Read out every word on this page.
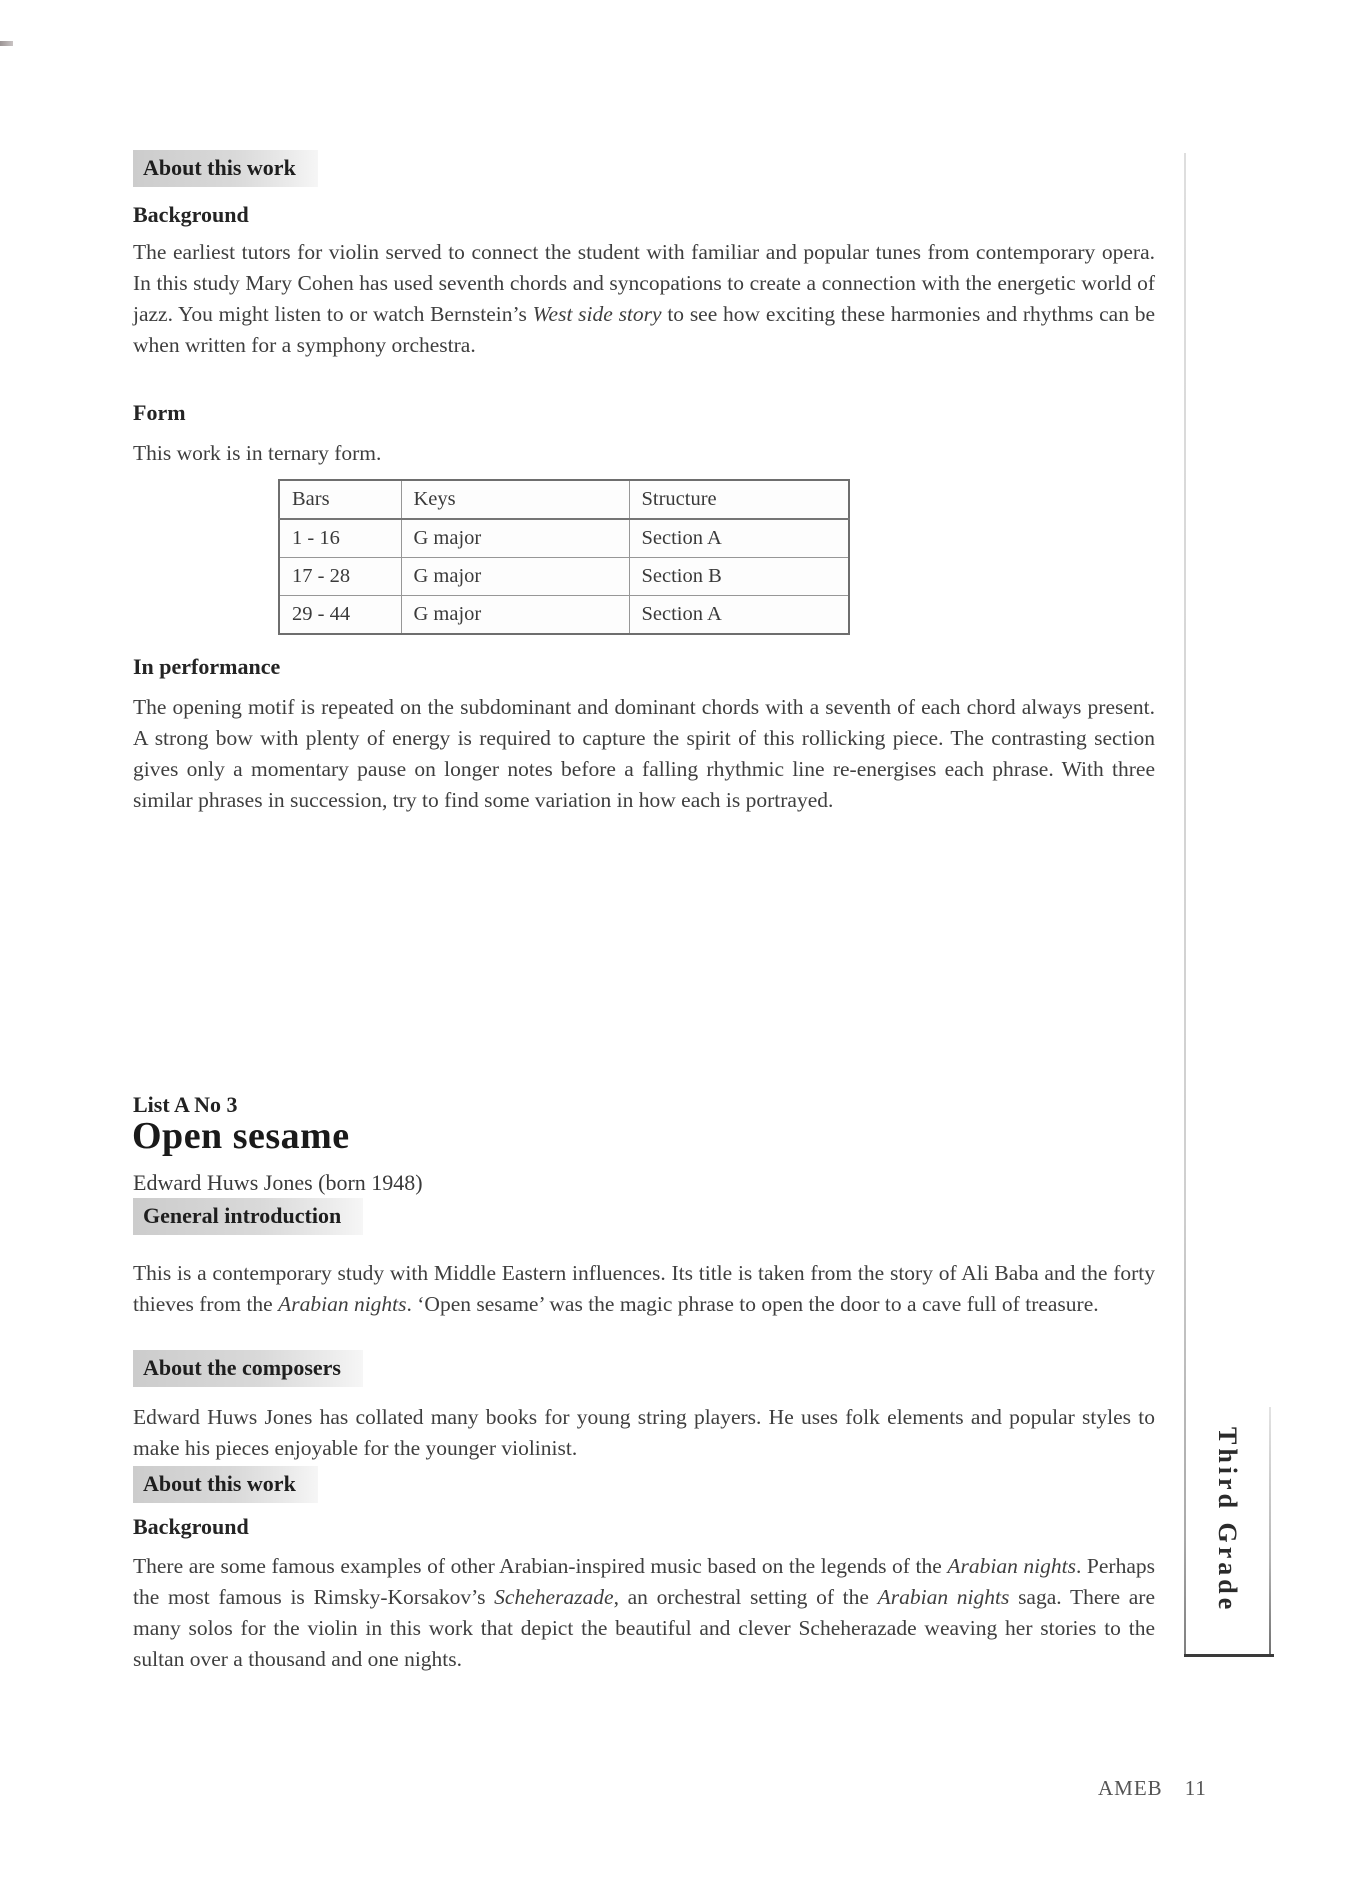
About this work
Background

The earliest tutors for violin served to connect the student with familiar and popular tunes from contemporary opera. In this study Mary Cohen has used seventh chords and syncopations to create a connection with the energetic world of jazz. You might listen to or watch Bernstein’s West side story to see how exciting these harmonies and rhythms can be when written for a symphony orchestra.

Form

This work is in ternary form.

Bars	Keys	Structure
1 - 16	G major	Section A
17 - 28	G major	Section B
29 - 44	G major	Section A
In performance

The opening motif is repeated on the subdominant and dominant chords with a seventh of each chord always present. A strong bow with plenty of energy is required to capture the spirit of this rollicking piece. The contrasting section gives only a momentary pause on longer notes before a falling rhythmic line re-energises each phrase. With three similar phrases in succession, try to find some variation in how each is portrayed.

List A No 3
Open sesame
Edward Huws Jones (born 1948)
General introduction

This is a contemporary study with Middle Eastern influences. Its title is taken from the story of Ali Baba and the forty thieves from the Arabian nights. ‘Open sesame’ was the magic phrase to open the door to a cave full of treasure.

About the composers

Edward Huws Jones has collated many books for young string players. He uses folk elements and popular styles to make his pieces enjoyable for the younger violinist.

About this work
Background

There are some famous examples of other Arabian-inspired music based on the legends of the Arabian nights. Perhaps the most famous is Rimsky-Korsakov’s Scheherazade, an orchestral setting of the Arabian nights saga. There are many solos for the violin in this work that depict the beautiful and clever Scheherazade weaving her stories to the sultan over a thousand and one nights.

Third Grade
AMEB 11
